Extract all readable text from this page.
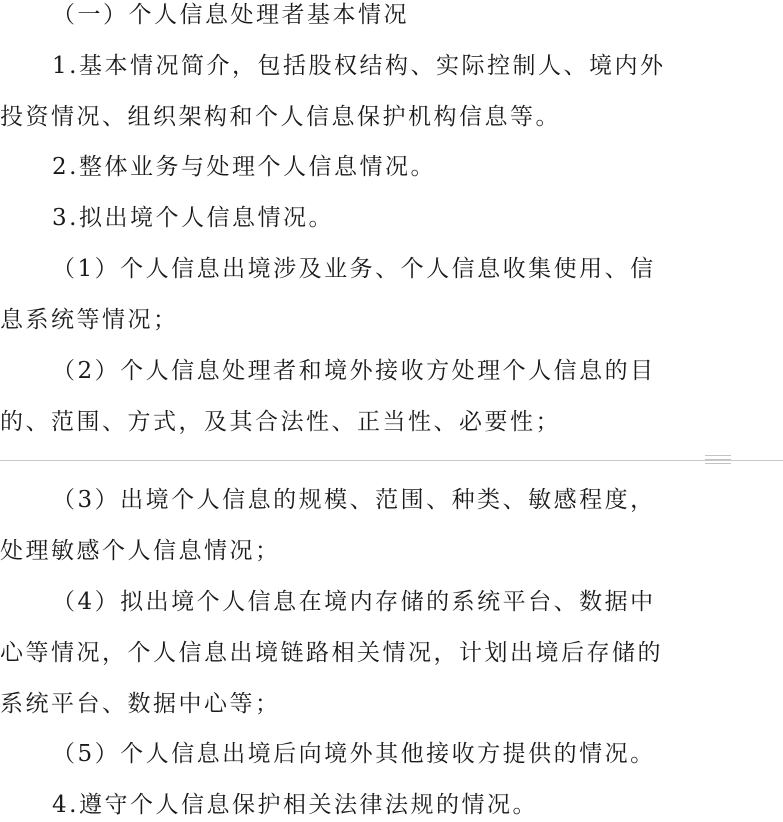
（一）个人信息处理者基本情况
1.基本情况简介，包括股权结构、实际控制人、境内外
投资情况、组织架构和个人信息保护机构信息等。
2.整体业务与处理个人信息情况。
3.拟出境个人信息情况。
（1）个人信息出境涉及业务、个人信息收集使用、信
息系统等情况；
（2）个人信息处理者和境外接收方处理个人信息的目
的、范围、方式，及其合法性、正当性、必要性；
（3）出境个人信息的规模、范围、种类、敏感程度，
处理敏感个人信息情况；
（4）拟出境个人信息在境内存储的系统平台、数据中
心等情况，个人信息出境链路相关情况，计划出境后存储的
系统平台、数据中心等；
（5）个人信息出境后向境外其他接收方提供的情况。
4.遵守个人信息保护相关法律法规的情况。
